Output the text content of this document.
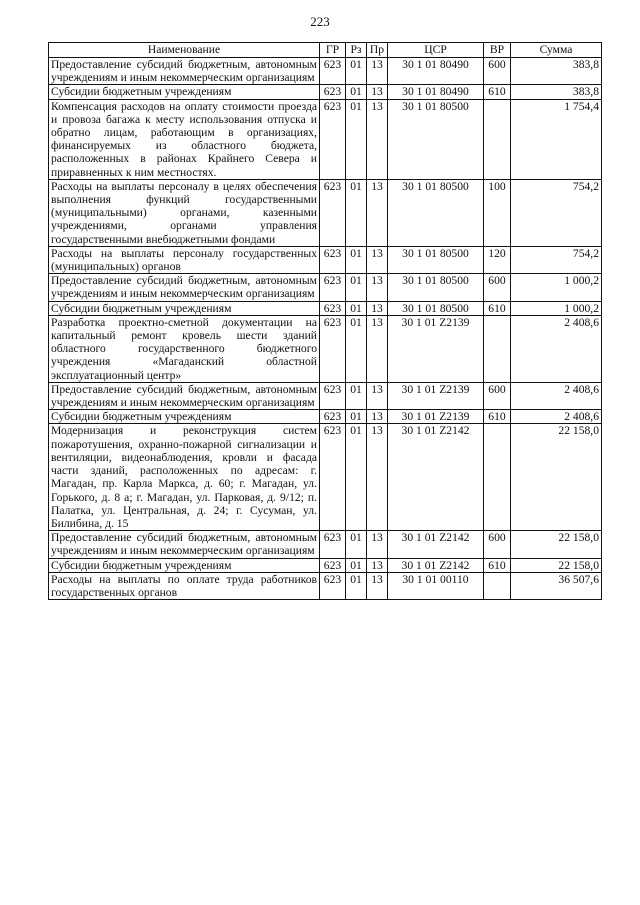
223
Наименование	ГР	Рз	Пр	ЦСР	ВР	Сумма
Предоставление субсидий бюджетным, автономным учреждениям и иным некоммерческим организациям	623	01	13	30 1 01 80490	600	383,8
Субсидии бюджетным учреждениям	623	01	13	30 1 01 80490	610	383,8
Компенсация расходов на оплату стоимости проезда и провоза багажа к месту использования отпуска и обратно лицам, работающим в организациях, финансируемых из областного бюджета, расположенных в районах Крайнего Севера и приравненных к ним местностях.	623	01	13	30 1 01 80500		1 754,4
Расходы на выплаты персоналу в целях обеспечения выполнения функций государственными (муниципальными) органами, казенными учреждениями, органами управления государственными внебюджетными фондами	623	01	13	30 1 01 80500	100	754,2
Расходы на выплаты персоналу государственных (муниципальных) органов	623	01	13	30 1 01 80500	120	754,2
Предоставление субсидий бюджетным, автономным учреждениям и иным некоммерческим организациям	623	01	13	30 1 01 80500	600	1 000,2
Субсидии бюджетным учреждениям	623	01	13	30 1 01 80500	610	1 000,2
Разработка проектно-сметной документации на капитальный ремонт кровель шести зданий областного государственного бюджетного учреждения «Магаданский областной эксплуатационный центр»	623	01	13	30 1 01 Z2139		2 408,6
Предоставление субсидий бюджетным, автономным учреждениям и иным некоммерческим организациям	623	01	13	30 1 01 Z2139	600	2 408,6
Субсидии бюджетным учреждениям	623	01	13	30 1 01 Z2139	610	2 408,6
Модернизация и реконструкция систем пожаротушения, охранно-пожарной сигнализации и вентиляции, видеонаблюдения, кровли и фасада части зданий, расположенных по адресам: г. Магадан, пр. Карла Маркса, д. 60; г. Магадан, ул. Горького, д. 8 а; г. Магадан, ул. Парковая, д. 9/12; п. Палатка, ул. Центральная, д. 24; г. Сусуман, ул. Билибина, д. 15	623	01	13	30 1 01 Z2142		22 158,0
Предоставление субсидий бюджетным, автономным учреждениям и иным некоммерческим организациям	623	01	13	30 1 01 Z2142	600	22 158,0
Субсидии бюджетным учреждениям	623	01	13	30 1 01 Z2142	610	22 158,0
Расходы на выплаты по оплате труда работников государственных органов	623	01	13	30 1 01 00110		36 507,6
